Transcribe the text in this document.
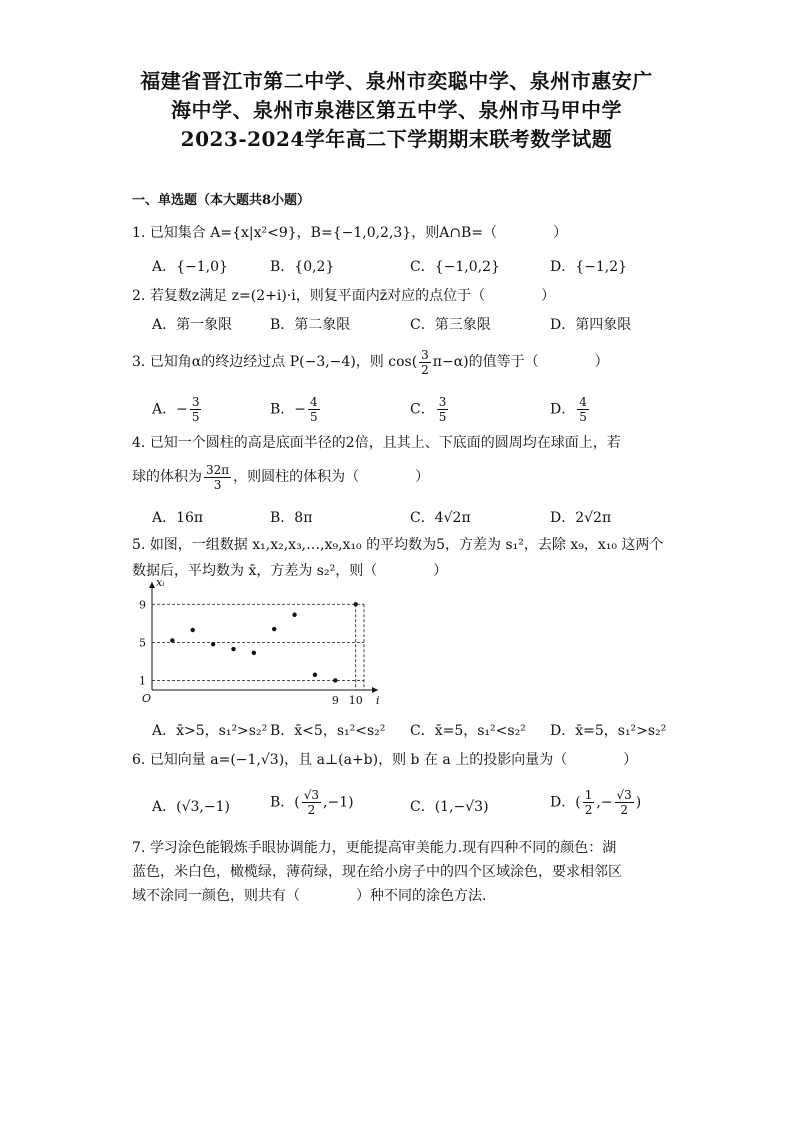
福建省晋江市第二中学、泉州市奕聪中学、泉州市惠安广
海中学、泉州市泉港区第五中学、泉州市马甲中学
2023-2024学年高二下学期期末联考数学试题
一、单选题（本大题共8小题）
1. 已知集合 A={x|x²<9}，B={−1,0,2,3}，则A∩B=（　　　　）
A．{−1,0}	B．{0,2}	C．{−1,0,2}	D．{−1,2}
2. 若复数z满足 z=(2+i)·i，则复平面内z̄对应的点位于（　　　　）
A．第一象限	B．第二象限	C．第三象限	D．第四象限
3. 已知角α的终边经过点 P(−3,−4)，则 $\cos( \frac{3}{2} \pi-\alpha)$的值等于（　　　　）
A．− $\frac{3}{5}$	B．− $\frac{4}{5}$	C． $\frac{3}{5}$	D． $\frac{4}{5}$
4. 已知一个圆柱的高是底面半径的2倍，且其上、下底面的圆周均在球面上，若
球的体积为 $\frac{32\pi}{3}$ ，则圆柱的体积为（　　　　）
A．16π	B．8π	C．4√2π	D．2√2π
5. 如图，一组数据 x₁,x₂,x₃,…,x₉,x₁₀ 的平均数为5，方差为 s₁²，去除 x₉，x₁₀ 这两个
数据后，平均数为 x̄，方差为 s₂²，则（　　　　）
1
5
9
9 10
O	i
xᵢ
A．x̄>5，s₁²>s₂² B．x̄<5，s₁²<s₂² C．x̄=5，s₁²<s₂² D．x̄=5，s₁²>s₂²
6. 已知向量 a=(−1,√3)，且 a⊥(a+b)，则 b 在 a 上的投影向量为（　　　　）
A．(√3,−1)	B．( $\frac{√3}{2} ,-1$)	C．(1,−√3)	D．( $\frac{1}{2}$ ,− $\frac{√3}{2}$ )
7. 学习涂色能锻炼手眼协调能力，更能提高审美能力.现有四种不同的颜色：湖
蓝色，米白色，橄榄绿，薄荷绿，现在给小房子中的四个区域涂色，要求相邻区
域不涂同一颜色，则共有（　　　　）种不同的涂色方法.
